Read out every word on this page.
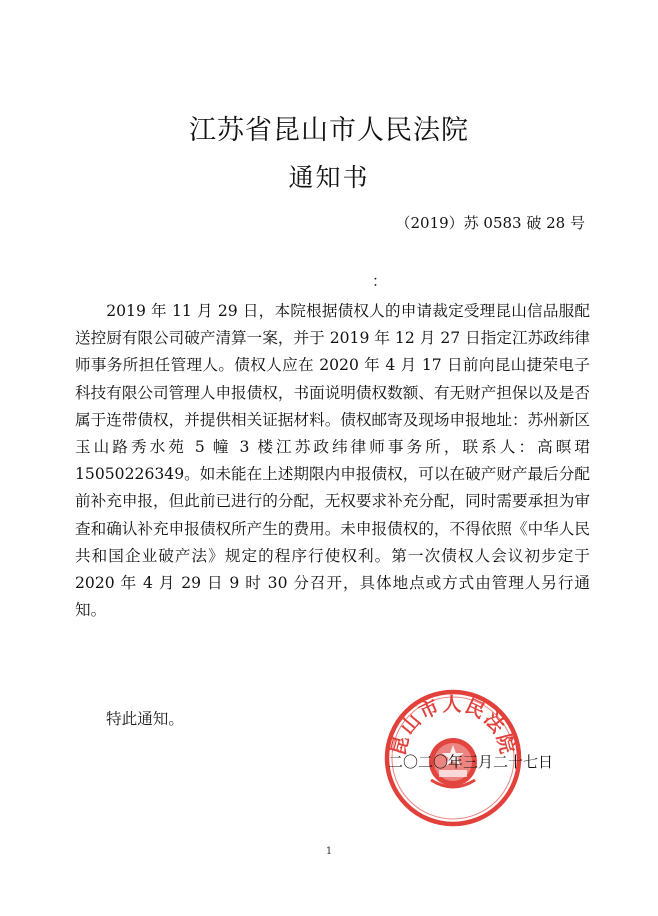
江苏省昆山市人民法院
通知书
（2019）苏 0583 破 28 号
：

2019 年 11 月 29 日，本院根据债权人的申请裁定受理昆山信品服配送控厨有限公司破产清算一案，并于 2019 年 12 月 27 日指定江苏政纬律师事务所担任管理人。债权人应在 2020 年 4 月 17 日前向昆山捷荣电子科技有限公司管理人申报债权，书面说明债权数额、有无财产担保以及是否属于连带债权，并提供相关证据材料。债权邮寄及现场申报地址：苏州新区玉山路秀水苑 5 幢 3 楼江苏政纬律师事务所，联系人：高暝珺 15050226349。如未能在上述期限内申报债权，可以在破产财产最后分配前补充申报，但此前已进行的分配，无权要求补充分配，同时需要承担为审查和确认补充申报债权所产生的费用。未申报债权的，不得依照《中华人民共和国企业破产法》规定的程序行使权利。第一次债权人会议初步定于 2020 年 4 月 29 日 9 时 30 分召开，具体地点或方式由管理人另行通知。

特此通知。
昆山市人民法院
二〇二〇年三月二十七日
1
